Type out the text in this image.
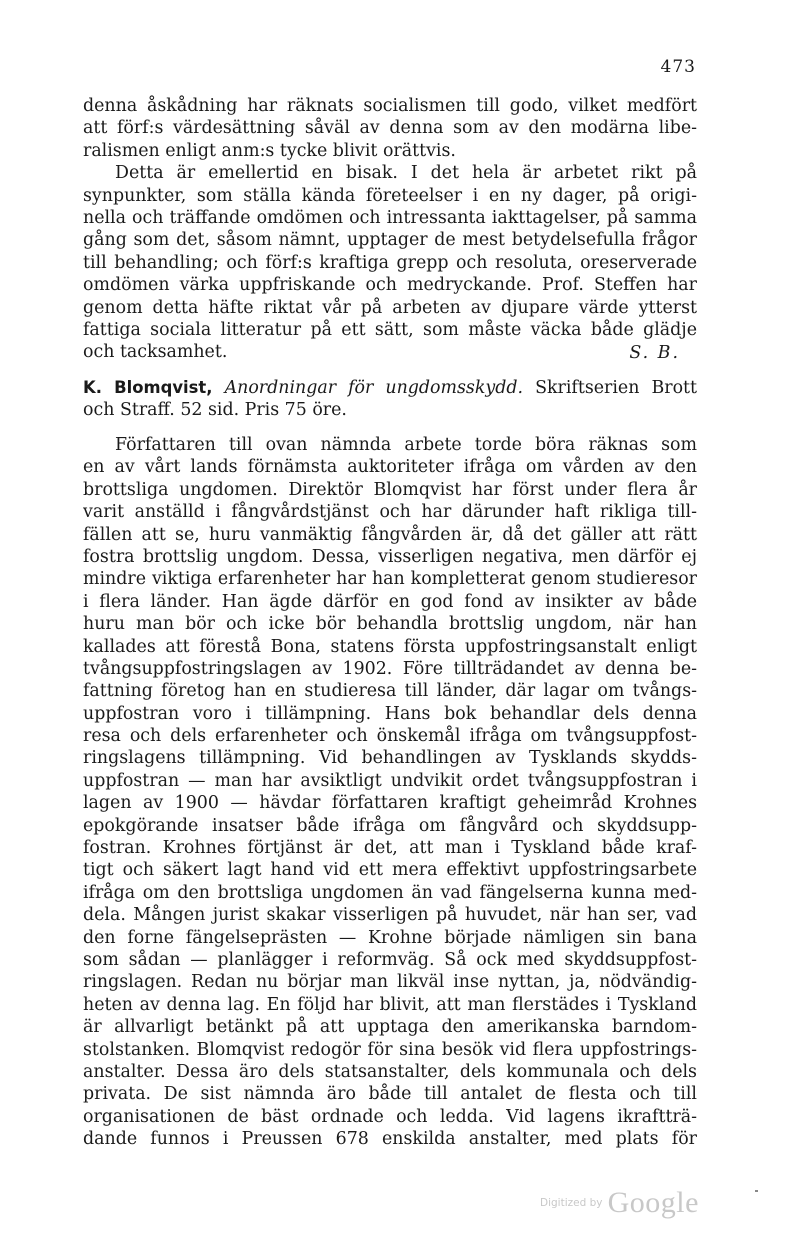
473
denna åskådning har räknats socialismen till godo, vilket medfört
att förf:s värdesättning såväl av denna som av den modärna libe-
ralismen enligt anm:s tycke blivit orättvis.
Detta är emellertid en bisak. I det hela är arbetet rikt på
synpunkter, som ställa kända företeelser i en ny dager, på origi-
nella och träffande omdömen och intressanta iakttagelser, på samma
gång som det, såsom nämnt, upptager de mest betydelsefulla frågor
till behandling; och förf:s kraftiga grepp och resoluta, oreserverade
omdömen värka uppfriskande och medryckande. Prof. Steffen har
genom detta häfte riktat vår på arbeten av djupare värde ytterst
fattiga sociala litteratur på ett sätt, som måste väcka både glädje
och tacksamhet.	S. B.
K. Blomqvist, Anordningar för ungdomsskydd. Skriftserien Brott
och Straff. 52 sid. Pris 75 öre.
Författaren till ovan nämnda arbete torde böra räknas som
en av vårt lands förnämsta auktoriteter ifråga om vården av den
brottsliga ungdomen. Direktör Blomqvist har först under flera år
varit anställd i fångvårdstjänst och har därunder haft rikliga till-
fällen att se, huru vanmäktig fångvården är, då det gäller att rätt
fostra brottslig ungdom. Dessa, visserligen negativa, men därför ej
mindre viktiga erfarenheter har han kompletterat genom studieresor
i flera länder. Han ägde därför en god fond av insikter av både
huru man bör och icke bör behandla brottslig ungdom, när han
kallades att förestå Bona, statens första uppfostringsanstalt enligt
tvångsuppfostringslagen av 1902. Före tillträdandet av denna be-
fattning företog han en studieresa till länder, där lagar om tvångs-
uppfostran voro i tillämpning. Hans bok behandlar dels denna
resa och dels erfarenheter och önskemål ifråga om tvångsuppfost-
ringslagens tillämpning. Vid behandlingen av Tysklands skydds-
uppfostran — man har avsiktligt undvikit ordet tvångsuppfostran i
lagen av 1900 — hävdar författaren kraftigt geheimråd Krohnes
epokgörande insatser både ifråga om fångvård och skyddsupp-
fostran. Krohnes förtjänst är det, att man i Tyskland både kraf-
tigt och säkert lagt hand vid ett mera effektivt uppfostringsarbete
ifråga om den brottsliga ungdomen än vad fängelserna kunna med-
dela. Mången jurist skakar visserligen på huvudet, när han ser, vad
den forne fängelseprästen — Krohne började nämligen sin bana
som sådan — planlägger i reformväg. Så ock med skyddsuppfost-
ringslagen. Redan nu börjar man likväl inse nyttan, ja, nödvändig-
heten av denna lag. En följd har blivit, att man flerstädes i Tyskland
är allvarligt betänkt på att upptaga den amerikanska barndom-
stolstanken. Blomqvist redogör för sina besök vid flera uppfostrings-
anstalter. Dessa äro dels statsanstalter, dels kommunala och dels
privata. De sist nämnda äro både till antalet de flesta och till
organisationen de bäst ordnade och ledda. Vid lagens ikraftträ-
dande funnos i Preussen 678 enskilda anstalter, med plats för
$^{Digitized by}$ Google
